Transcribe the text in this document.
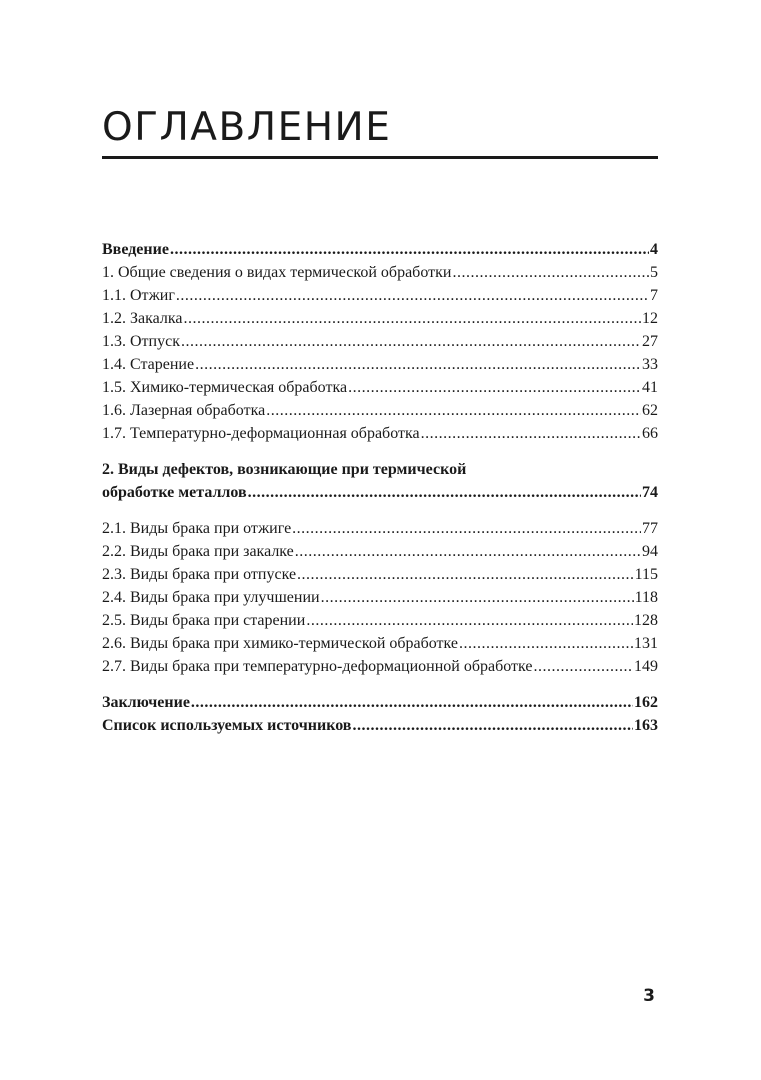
ОГЛАВЛЕНИЕ
Введение .....	4
1. Общие сведения о видах термической обработки .....	5
1.1. Отжиг .....	7
1.2. Закалка .....	12
1.3. Отпуск .....	27
1.4. Старение .....	33
1.5. Химико-термическая обработка .....	41
1.6. Лазерная обработка .....	62
1.7. Температурно-деформационная обработка .....	66
2. Виды дефектов, возникающие при термической
обработке металлов .....	74
2.1. Виды брака при отжиге .....	77
2.2. Виды брака при закалке .....	94
2.3. Виды брака при отпуске .....	115
2.4. Виды брака при улучшении .....	118
2.5. Виды брака при старении .....	128
2.6. Виды брака при химико-термической обработке .....	131
2.7. Виды брака при температурно-деформационной обработке .....	149
Заключение .....	162
Список используемых источников .....	163
3
